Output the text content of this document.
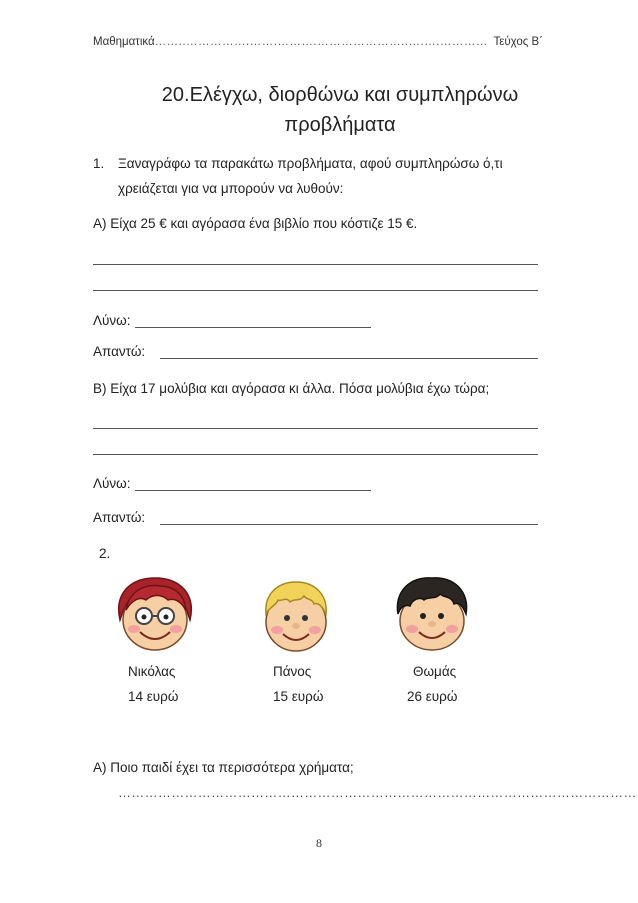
Μαθηματικά ……..…………….…….……….…………………..….….………… Τεύχος Β΄
20.Ελέγχω, διορθώνω και συμπληρώνω
προβλήματα
1. Ξαναγράφω τα παρακάτω προβλήματα, αφού συμπληρώσω ό,τι
χρειάζεται για να μπορούν να λυθούν:
Α) Είχα 25 € και αγόρασα ένα βιβλίο που κόστιζε 15 €.
Λύνω:
Απαντώ:
Β) Είχα 17 μολύβια και αγόρασα κι άλλα. Πόσα μολύβια έχω τώρα;
Λύνω:
Απαντώ:
2.
Νικόλας	Πάνος	Θωμάς
14 ευρώ	15 ευρώ	26 ευρώ
Α) Ποιο παιδί έχει τα περισσότερα χρήματα;
………………………………………………………………………………………………………
8
